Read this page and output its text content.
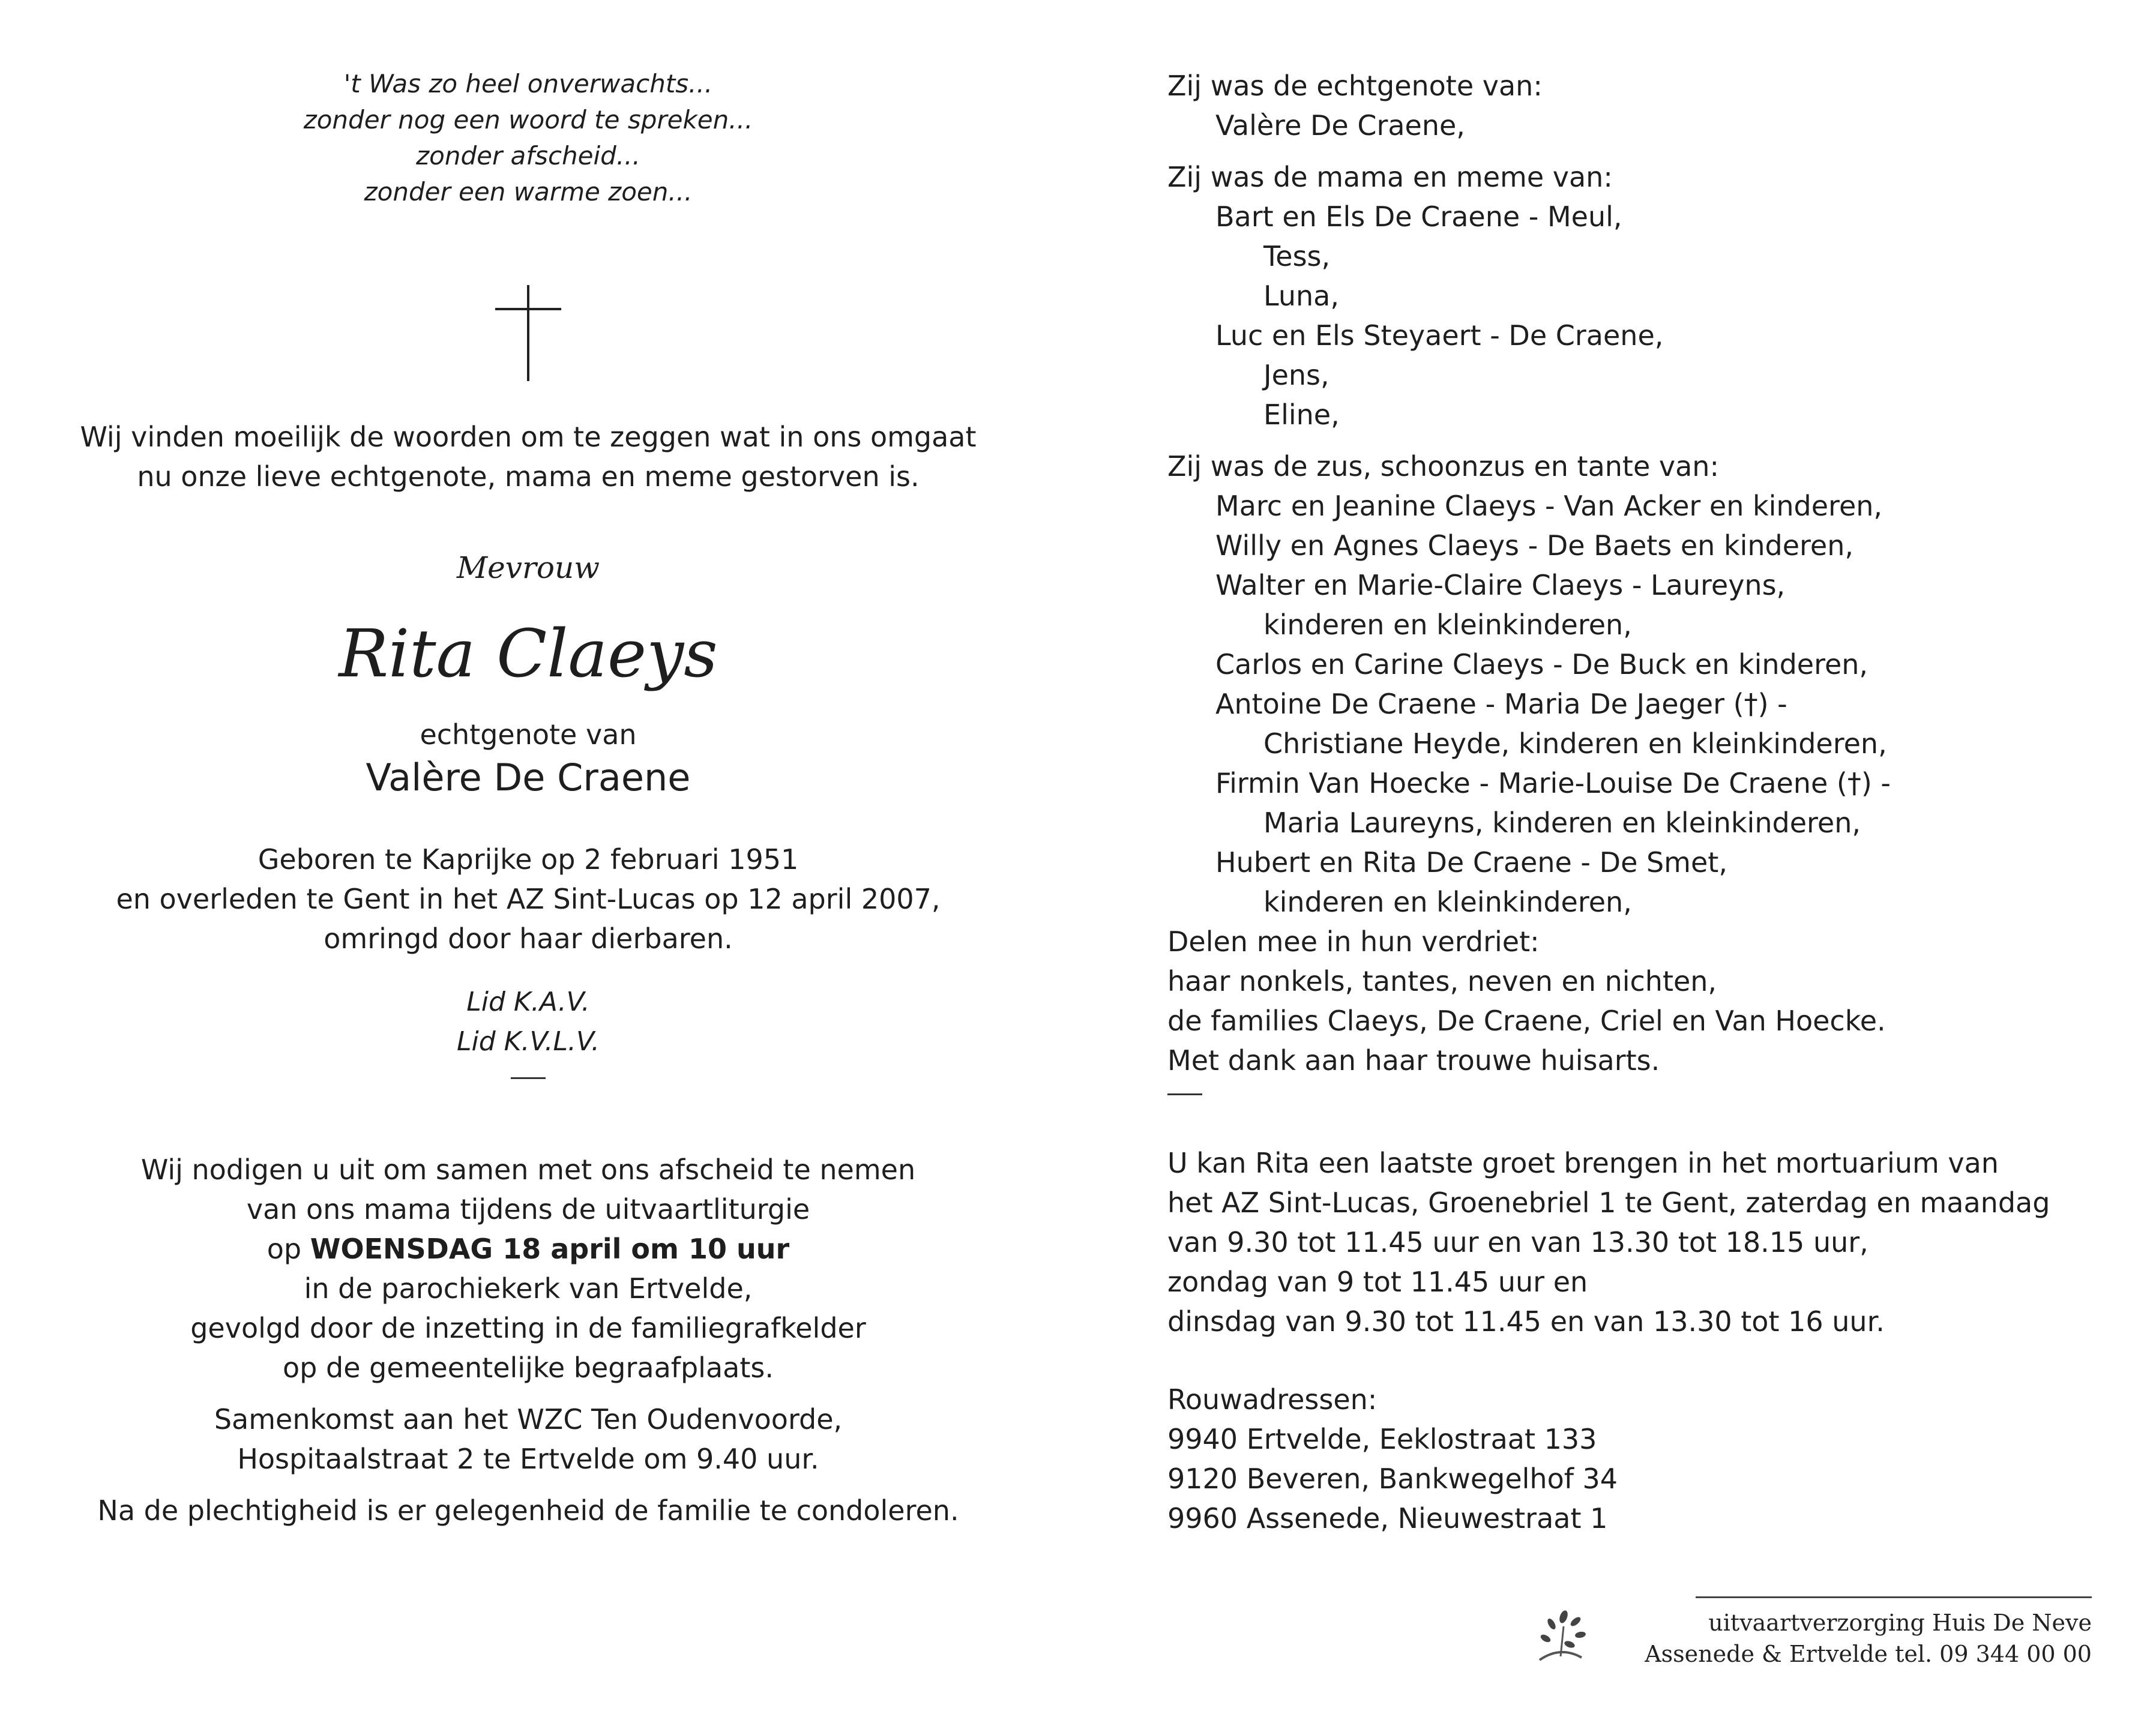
't Was zo heel onverwachts...
zonder nog een woord te spreken...
zonder afscheid...
zonder een warme zoen...
Wij vinden moeilijk de woorden om te zeggen wat in ons omgaat
nu onze lieve echtgenote, mama en meme gestorven is.
Mevrouw
Rita Claeys
echtgenote van
Valère De Craene
Geboren te Kaprijke op 2 februari 1951
en overleden te Gent in het AZ Sint-Lucas op 12 april 2007,
omringd door haar dierbaren.
Lid K.A.V.
Lid K.V.L.V.
Wij nodigen u uit om samen met ons afscheid te nemen
van ons mama tijdens de uitvaartliturgie
op WOENSDAG 18 april om 10 uur
in de parochiekerk van Ertvelde,
gevolgd door de inzetting in de familiegrafkelder
op de gemeentelijke begraafplaats.
Samenkomst aan het WZC Ten Oudenvoorde,
Hospitaalstraat 2 te Ertvelde om 9.40 uur.
Na de plechtigheid is er gelegenheid de familie te condoleren.
Zij was de echtgenote van:
Valère De Craene,
Zij was de mama en meme van:
Bart en Els De Craene - Meul,
Tess,
Luna,
Luc en Els Steyaert - De Craene,
Jens,
Eline,
Zij was de zus, schoonzus en tante van:
Marc en Jeanine Claeys - Van Acker en kinderen,
Willy en Agnes Claeys - De Baets en kinderen,
Walter en Marie-Claire Claeys - Laureyns,
kinderen en kleinkinderen,
Carlos en Carine Claeys - De Buck en kinderen,
Antoine De Craene - Maria De Jaeger (†) -
Christiane Heyde, kinderen en kleinkinderen,
Firmin Van Hoecke - Marie-Louise De Craene (†) -
Maria Laureyns, kinderen en kleinkinderen,
Hubert en Rita De Craene - De Smet,
kinderen en kleinkinderen,
Delen mee in hun verdriet:
haar nonkels, tantes, neven en nichten,
de families Claeys, De Craene, Criel en Van Hoecke.
Met dank aan haar trouwe huisarts.
U kan Rita een laatste groet brengen in het mortuarium van
het AZ Sint-Lucas, Groenebriel 1 te Gent, zaterdag en maandag
van 9.30 tot 11.45 uur en van 13.30 tot 18.15 uur,
zondag van 9 tot 11.45 uur en
dinsdag van 9.30 tot 11.45 en van 13.30 tot 16 uur.
Rouwadressen:
9940 Ertvelde, Eeklostraat 133
9120 Beveren, Bankwegelhof 34
9960 Assenede, Nieuwestraat 1
uitvaartverzorging Huis De Neve
Assenede & Ertvelde tel. 09 344 00 00
